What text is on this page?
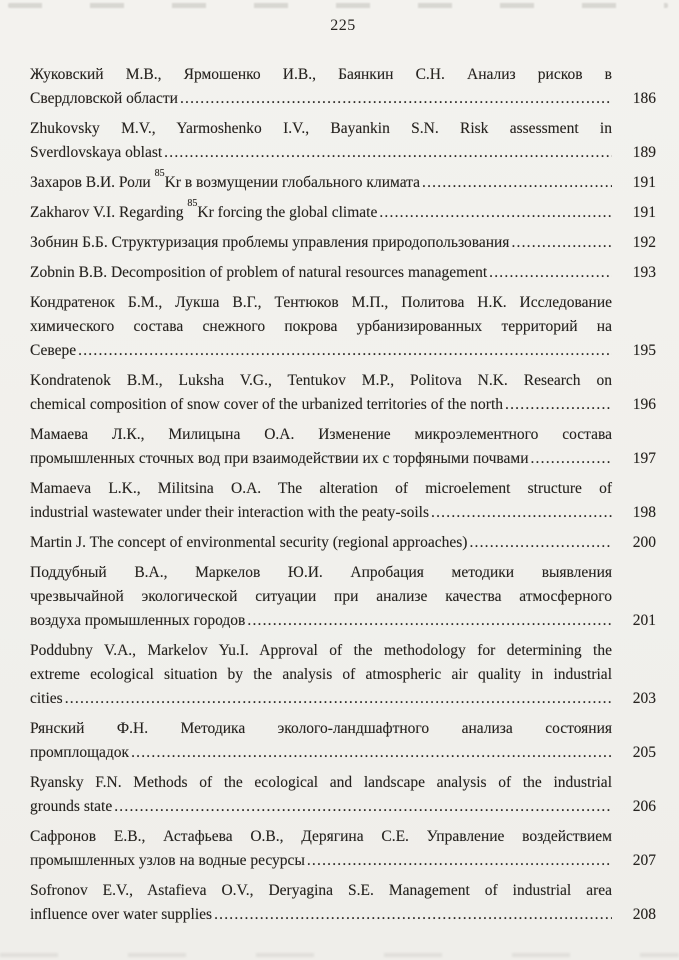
225
Жуковский М.В., Ярмошенко И.В., Баянкин С.Н. Анализ рисков в
Свердловской области .....	186
Zhukovsky M.V., Yarmoshenko I.V., Bayankin S.N. Risk assessment in
Sverdlovskaya oblast .....	189
Захаров В.И. Роли $^{85}$Kr в возмущении глобального климата .....	191
Zakharov V.I. Regarding $^{85}$Kr forcing the global climate .....	191
Зобнин Б.Б. Структуризация проблемы управления природопользования .....	192
Zobnin B.B. Decomposition of problem of natural resources management .....	193
Кондратенок Б.М., Лукша В.Г., Тентюков М.П., Политова Н.К. Исследование
химического состава снежного покрова урбанизированных территорий на
Севере .....	195
Kondratenok B.M., Luksha V.G., Tentukov M.P., Politova N.K. Research on
chemical composition of snow cover of the urbanized territories of the north .....	196
Мамаева Л.К., Милицына О.А. Изменение микроэлементного состава
промышленных сточных вод при взаимодействии их с торфяными почвами .....	197
Mamaeva L.K., Militsina O.A. The alteration of microelement structure of
industrial wastewater under their interaction with the peaty-soils .....	198
Martin J. The concept of environmental security (regional approaches) .....	200
Поддубный В.А., Маркелов Ю.И. Апробация методики выявления
чрезвычайной экологической ситуации при анализе качества атмосферного
воздуха промышленных городов .....	201
Poddubny V.A., Markelov Yu.I. Approval of the methodology for determining the
extreme ecological situation by the analysis of atmospheric air quality in industrial
cities .....	203
Рянский Ф.Н. Методика эколого-ландшафтного анализа состояния
промплощадок .....	205
Ryansky F.N. Methods of the ecological and landscape analysis of the industrial
grounds state .....	206
Сафронов Е.В., Астафьева О.В., Дерягина С.Е. Управление воздействием
промышленных узлов на водные ресурсы .....	207
Sofronov E.V., Astafieva O.V., Deryagina S.E. Management of industrial area
influence over water supplies .....	208
